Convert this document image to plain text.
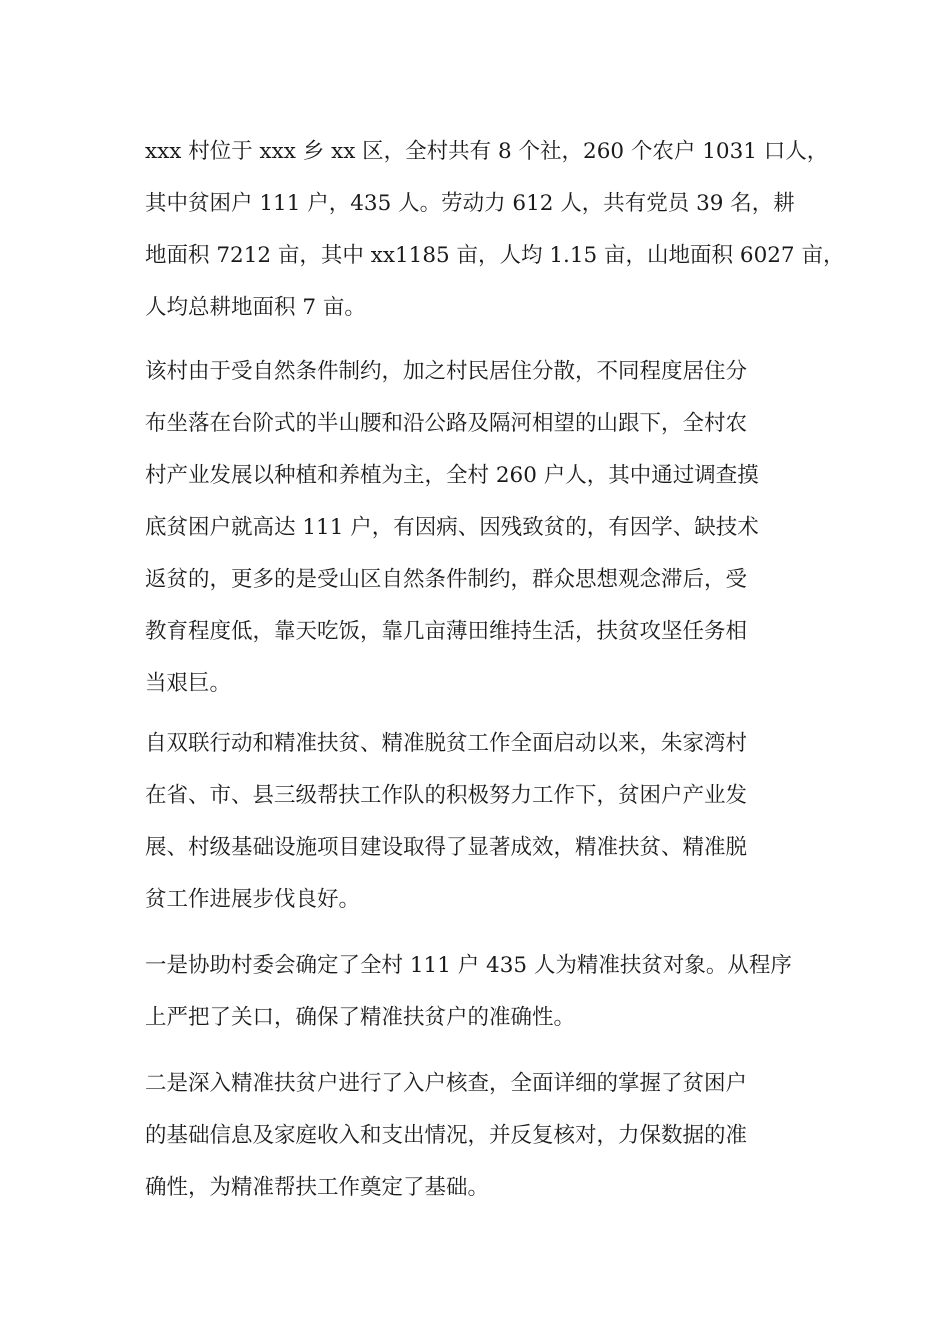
xxx 村位于 xxx 乡 xx 区，全村共有 8 个社，260 个农户 1031 口人，
其中贫困户 111 户，435 人。劳动力 612 人，共有党员 39 名，耕
地面积 7212 亩，其中 xx1185 亩，人均 1.15 亩，山地面积 6027 亩，
人均总耕地面积 7 亩。
该村由于受自然条件制约，加之村民居住分散，不同程度居住分
布坐落在台阶式的半山腰和沿公路及隔河相望的山跟下，全村农
村产业发展以种植和养植为主，全村 260 户人，其中通过调查摸
底贫困户就高达 111 户，有因病、因残致贫的，有因学、缺技术
返贫的，更多的是受山区自然条件制约，群众思想观念滞后，受
教育程度低，靠天吃饭，靠几亩薄田维持生活，扶贫攻坚任务相
当艰巨。
自双联行动和精准扶贫、精准脱贫工作全面启动以来，朱家湾村
在省、市、县三级帮扶工作队的积极努力工作下，贫困户产业发
展、村级基础设施项目建设取得了显著成效，精准扶贫、精准脱
贫工作进展步伐良好。
一是协助村委会确定了全村 111 户 435 人为精准扶贫对象。从程序
上严把了关口，确保了精准扶贫户的准确性。
二是深入精准扶贫户进行了入户核查，全面详细的掌握了贫困户
的基础信息及家庭收入和支出情况，并反复核对，力保数据的准
确性，为精准帮扶工作奠定了基础。
